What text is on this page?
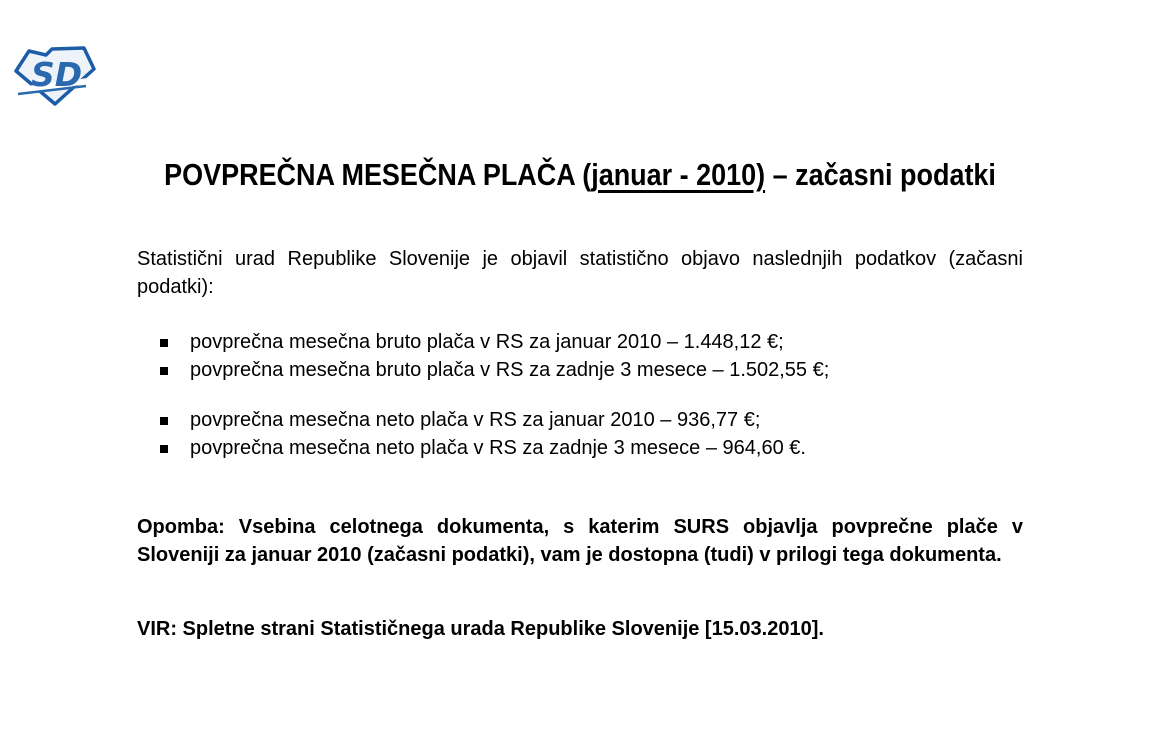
SD
POVPREČNA MESEČNA PLAČA (januar - 2010) – začasni podatki

Statistični urad Republike Slovenije je objavil statistično objavo naslednjih podatkov (začasni podatki):

povprečna mesečna bruto plača v RS za januar 2010 – 1.448,12 €;
povprečna mesečna bruto plača v RS za zadnje 3 mesece – 1.502,55 €;
povprečna mesečna neto plača v RS za januar 2010 – 936,77 €;
povprečna mesečna neto plača v RS za zadnje 3 mesece – 964,60 €.

Opomba: Vsebina celotnega dokumenta, s katerim SURS objavlja povprečne plače v Sloveniji za januar 2010 (začasni podatki), vam je dostopna (tudi) v prilogi tega dokumenta.

VIR: Spletne strani Statističnega urada Republike Slovenije [15.03.2010].
